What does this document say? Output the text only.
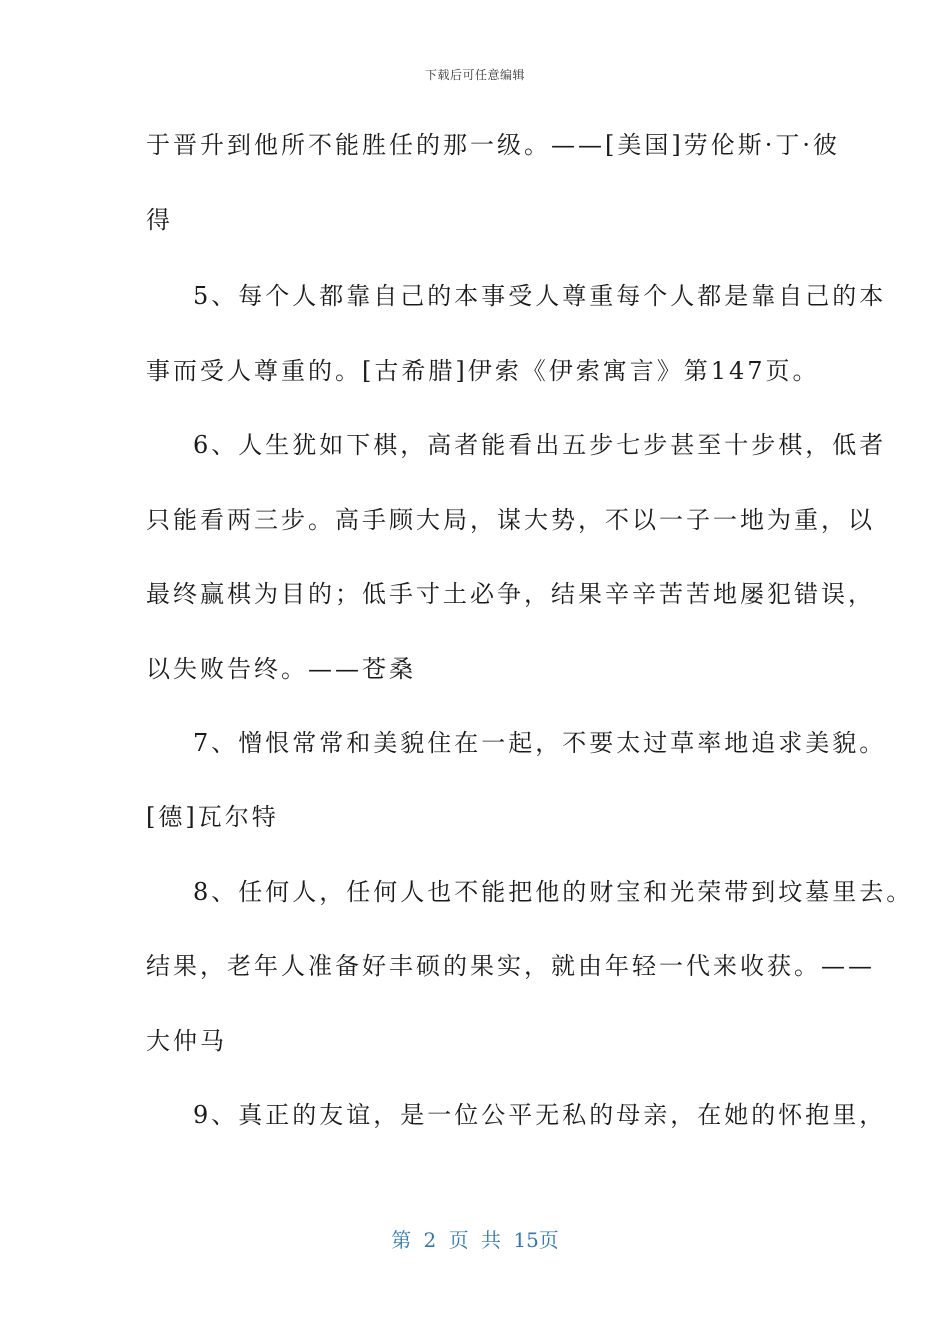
下载后可任意编辑
于晋升到他所不能胜任的那一级。——[美国]劳伦斯·丁·彼
得
5、每个人都靠自己的本事受人尊重每个人都是靠自己的本
事而受人尊重的。[古希腊]伊索《伊索寓言》第147页。
6、人生犹如下棋，高者能看出五步七步甚至十步棋，低者
只能看两三步。高手顾大局，谋大势，不以一子一地为重，以
最终赢棋为目的；低手寸土必争，结果辛辛苦苦地屡犯错误，
以失败告终。——苍桑
7、憎恨常常和美貌住在一起，不要太过草率地追求美貌。
[德]瓦尔特
8、任何人，任何人也不能把他的财宝和光荣带到坟墓里去。
结果，老年人准备好丰硕的果实，就由年轻一代来收获。——
大仲马
9、真正的友谊，是一位公平无私的母亲，在她的怀抱里，
第 2 页 共 15页
